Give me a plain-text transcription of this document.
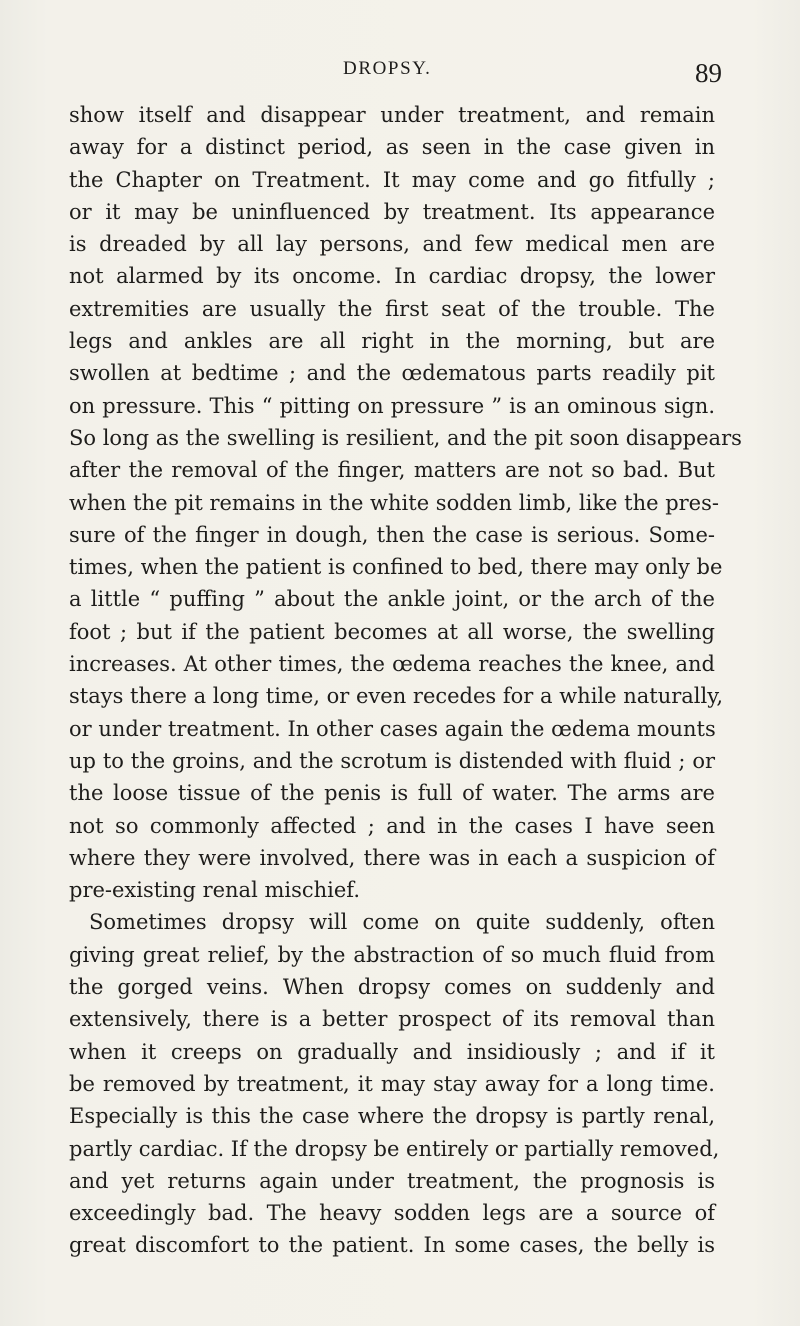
DROPSY.	89
show itself and disappear under treatment, and remain
away for a distinct period, as seen in the case given in
the Chapter on Treatment. It may come and go fitfully ;
or it may be uninfluenced by treatment. Its appearance
is dreaded by all lay persons, and few medical men are
not alarmed by its oncome. In cardiac dropsy, the lower
extremities are usually the first seat of the trouble. The
legs and ankles are all right in the morning, but are
swollen at bedtime ; and the œdematous parts readily pit
on pressure. This “ pitting on pressure ” is an ominous sign.
So long as the swelling is resilient, and the pit soon disappears
after the removal of the finger, matters are not so bad. But
when the pit remains in the white sodden limb, like the pres-
sure of the finger in dough, then the case is serious. Some-
times, when the patient is confined to bed, there may only be
a little “ puffing ” about the ankle joint, or the arch of the
foot ; but if the patient becomes at all worse, the swelling
increases. At other times, the œdema reaches the knee, and
stays there a long time, or even recedes for a while naturally,
or under treatment. In other cases again the œdema mounts
up to the groins, and the scrotum is distended with fluid ; or
the loose tissue of the penis is full of water. The arms are
not so commonly affected ; and in the cases I have seen
where they were involved, there was in each a suspicion of
pre-existing renal mischief.
Sometimes dropsy will come on quite suddenly, often
giving great relief, by the abstraction of so much fluid from
the gorged veins. When dropsy comes on suddenly and
extensively, there is a better prospect of its removal than
when it creeps on gradually and insidiously ; and if it
be removed by treatment, it may stay away for a long time.
Especially is this the case where the dropsy is partly renal,
partly cardiac. If the dropsy be entirely or partially removed,
and yet returns again under treatment, the prognosis is
exceedingly bad. The heavy sodden legs are a source of
great discomfort to the patient. In some cases, the belly is
